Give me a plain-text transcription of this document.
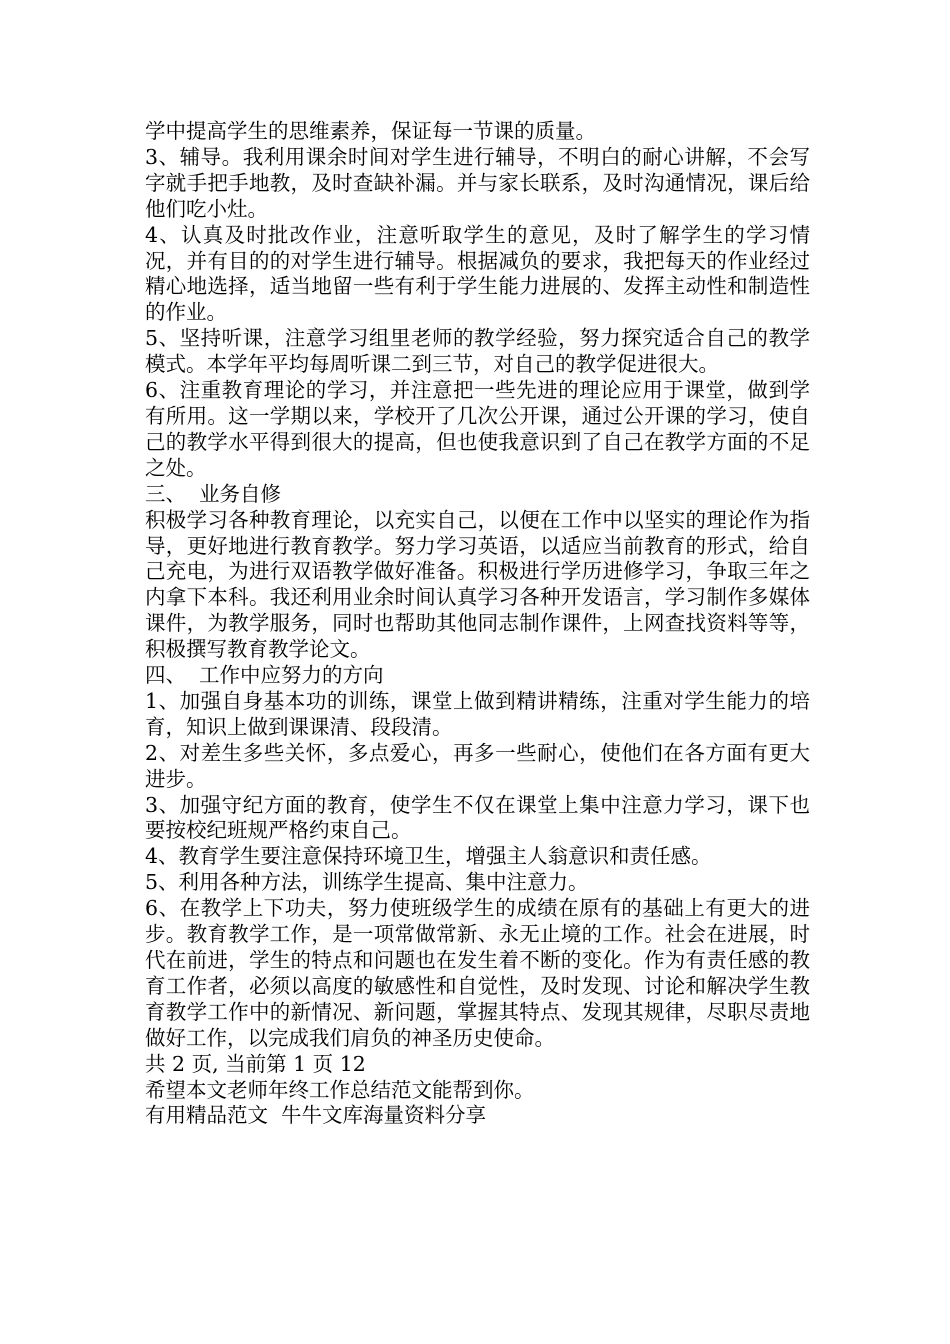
学中提高学生的思维素养，保证每一节课的质量。

3、辅导。我利用课余时间对学生进行辅导，不明白的耐心讲解，不会写字就手把手地教，及时查缺补漏。并与家长联系，及时沟通情况，课后给他们吃小灶。

4、认真及时批改作业，注意听取学生的意见，及时了解学生的学习情况，并有目的的对学生进行辅导。根据减负的要求，我把每天的作业经过精心地选择，适当地留一些有利于学生能力进展的、发挥主动性和制造性的作业。

5、坚持听课，注意学习组里老师的教学经验，努力探究适合自己的教学模式。本学年平均每周听课二到三节，对自己的教学促进很大。

6、注重教育理论的学习，并注意把一些先进的理论应用于课堂，做到学有所用。这一学期以来，学校开了几次公开课，通过公开课的学习，使自己的教学水平得到很大的提高，但也使我意识到了自己在教学方面的不足之处。

三、  业务自修

积极学习各种教育理论，以充实自己，以便在工作中以坚实的理论作为指导，更好地进行教育教学。努力学习英语，以适应当前教育的形式，给自己充电，为进行双语教学做好准备。积极进行学历进修学习，争取三年之内拿下本科。我还利用业余时间认真学习各种开发语言，学习制作多媒体课件，为教学服务，同时也帮助其他同志制作课件，上网查找资料等等，积极撰写教育教学论文。

四、  工作中应努力的方向

1、加强自身基本功的训练，课堂上做到精讲精练，注重对学生能力的培育，知识上做到课课清、段段清。

2、对差生多些关怀，多点爱心，再多一些耐心，使他们在各方面有更大进步。

3、加强守纪方面的教育，使学生不仅在课堂上集中注意力学习，课下也要按校纪班规严格约束自己。

4、教育学生要注意保持环境卫生，增强主人翁意识和责任感。

5、利用各种方法，训练学生提高、集中注意力。

6、在教学上下功夫，努力使班级学生的成绩在原有的基础上有更大的进步。教育教学工作，是一项常做常新、永无止境的工作。社会在进展，时代在前进，学生的特点和问题也在发生着不断的变化。作为有责任感的教育工作者，必须以高度的敏感性和自觉性，及时发现、讨论和解决学生教育教学工作中的新情况、新问题，掌握其特点、发现其规律，尽职尽责地做好工作，以完成我们肩负的神圣历史使命。

共 2 页, 当前第 1 页 12

希望本文老师年终工作总结范文能帮到你。

有用精品范文  牛牛文库海量资料分享
